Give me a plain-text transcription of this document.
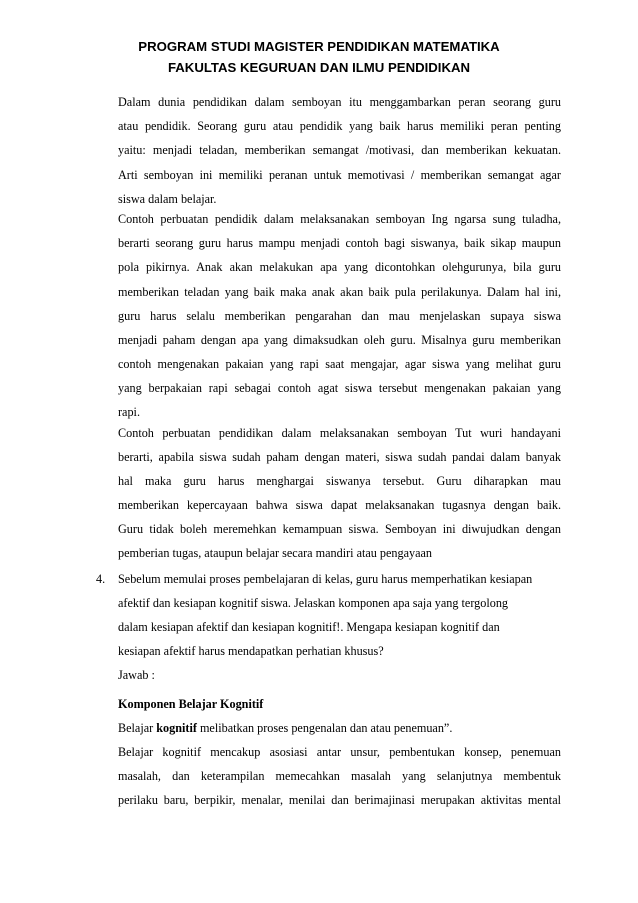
PROGRAM STUDI MAGISTER PENDIDIKAN MATEMATIKA
FAKULTAS KEGURUAN DAN ILMU PENDIDIKAN
Dalam dunia pendidikan dalam semboyan itu menggambarkan peran seorang guru
atau pendidik. Seorang guru atau pendidik yang baik harus memiliki peran penting
yaitu: menjadi teladan, memberikan semangat /motivasi, dan memberikan kekuatan.
Arti semboyan ini memiliki peranan untuk memotivasi / memberikan semangat agar
siswa dalam belajar.
Contoh perbuatan pendidik dalam melaksanakan semboyan Ing ngarsa sung tuladha,
berarti seorang guru harus mampu menjadi contoh bagi siswanya, baik sikap maupun
pola pikirnya. Anak akan melakukan apa yang dicontohkan olehgurunya, bila guru
memberikan teladan yang baik maka anak akan baik pula perilakunya. Dalam hal ini,
guru harus selalu memberikan pengarahan dan mau menjelaskan supaya siswa
menjadi paham dengan apa yang dimaksudkan oleh guru. Misalnya guru memberikan
contoh mengenakan pakaian yang rapi saat mengajar, agar siswa yang melihat guru
yang berpakaian rapi sebagai contoh agat siswa tersebut mengenakan pakaian yang
rapi.
Contoh perbuatan pendidikan dalam melaksanakan semboyan Tut wuri handayani
berarti, apabila siswa sudah paham dengan materi, siswa sudah pandai dalam banyak
hal maka guru harus menghargai siswanya tersebut. Guru diharapkan mau
memberikan kepercayaan bahwa siswa dapat melaksanakan tugasnya dengan baik.
Guru tidak boleh meremehkan kemampuan siswa. Semboyan ini diwujudkan dengan
pemberian tugas, ataupun belajar secara mandiri atau pengayaan
4. Sebelum memulai proses pembelajaran di kelas, guru harus memperhatikan kesiapan
afektif dan kesiapan kognitif siswa. Jelaskan komponen apa saja yang tergolong
dalam kesiapan afektif dan kesiapan kognitif!. Mengapa kesiapan kognitif dan
kesiapan afektif harus mendapatkan perhatian khusus?
Jawab :
Komponen Belajar Kognitif
Belajar kognitif melibatkan proses pengenalan dan atau penemuan”.
Belajar kognitif mencakup asosiasi antar unsur, pembentukan konsep, penemuan
masalah, dan keterampilan memecahkan masalah yang selanjutnya membentuk
perilaku baru, berpikir, menalar, menilai dan berimajinasi merupakan aktivitas mental
